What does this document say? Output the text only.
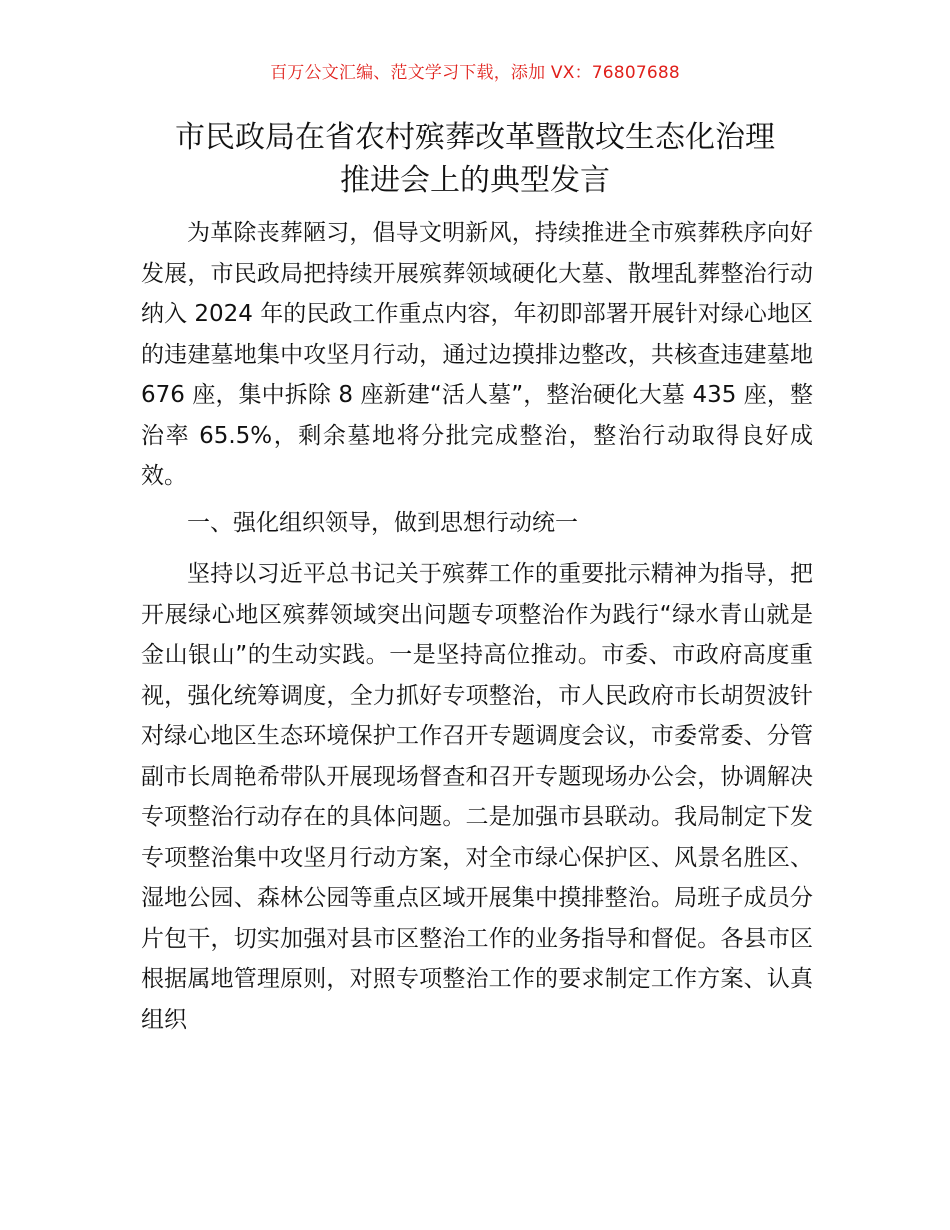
百万公文汇编、范文学习下载，添加 VX：76807688
市民政局在省农村殡葬改革暨散坟生态化治理
推进会上的典型发言

为革除丧葬陋习，倡导文明新风，持续推进全市殡葬秩序向好发展，市民政局把持续开展殡葬领域硬化大墓、散埋乱葬整治行动纳入 2024 年的民政工作重点内容，年初即部署开展针对绿心地区的违建墓地集中攻坚月行动，通过边摸排边整改，共核查违建墓地 676 座，集中拆除 8 座新建“活人墓”，整治硬化大墓 435 座，整治率 65.5%，剩余墓地将分批完成整治，整治行动取得良好成效。

一、强化组织领导，做到思想行动统一

坚持以习近平总书记关于殡葬工作的重要批示精神为指导，把开展绿心地区殡葬领域突出问题专项整治作为践行“绿水青山就是金山银山”的生动实践。一是坚持高位推动。市委、市政府高度重视，强化统筹调度，全力抓好专项整治，市人民政府市长胡贺波针对绿心地区生态环境保护工作召开专题调度会议，市委常委、分管副市长周艳希带队开展现场督查和召开专题现场办公会，协调解决专项整治行动存在的具体问题。二是加强市县联动。我局制定下发专项整治集中攻坚月行动方案，对全市绿心保护区、风景名胜区、湿地公园、森林公园等重点区域开展集中摸排整治。局班子成员分片包干，切实加强对县市区整治工作的业务指导和督促。各县市区根据属地管理原则，对照专项整治工作的要求制定工作方案、认真组织
